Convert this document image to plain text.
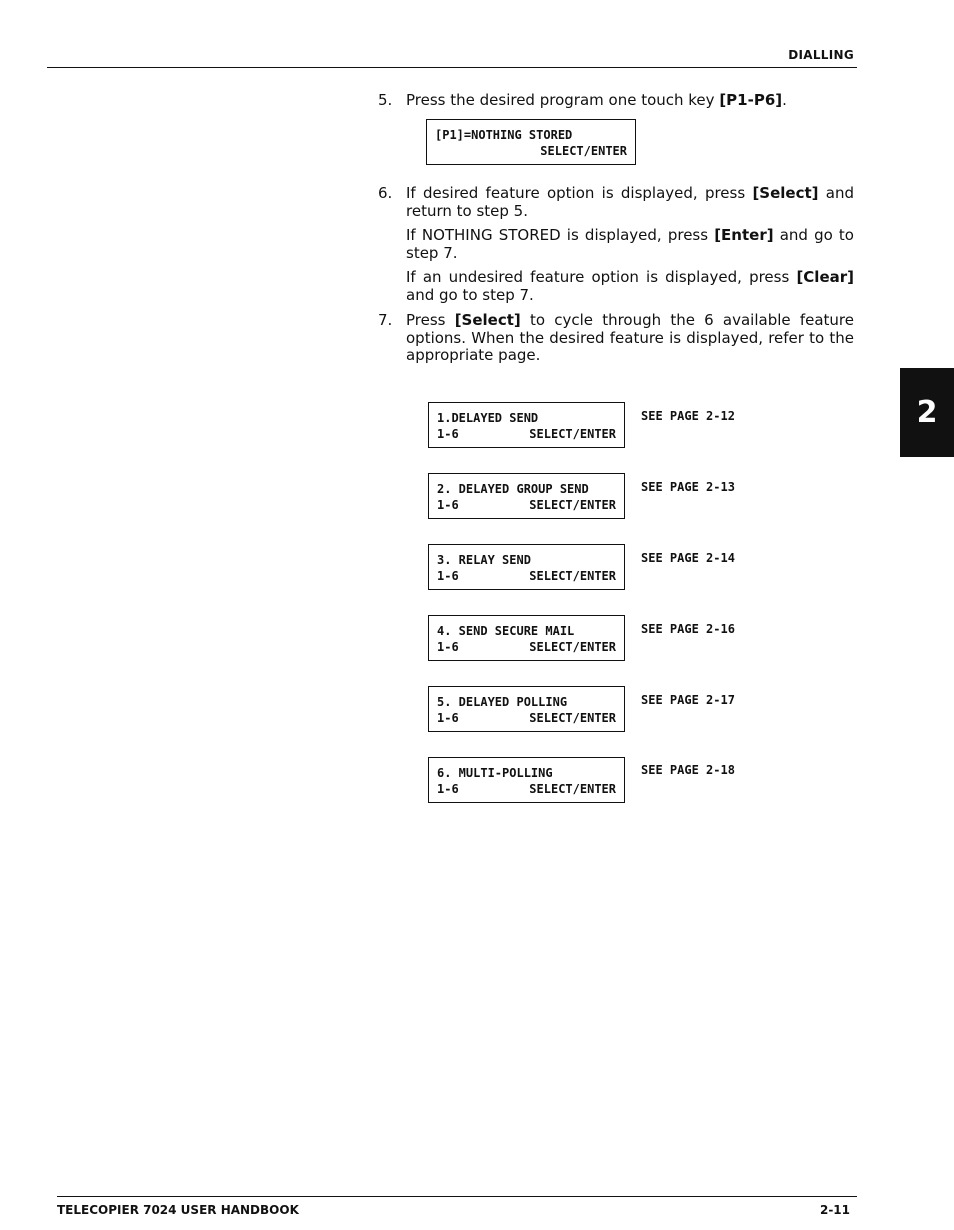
DIALLING
2
5. Press the desired program one touch key [P1-P6].

[P1]=NOTHING STORED
SELECT/ENTER
6. If desired feature option is displayed, press [Select] and return to step 5.

If NOTHING STORED is displayed, press [Enter] and go to step 7.

If an undesired feature option is displayed, press [Clear] and go to step 7.

7. Press [Select] to cycle through the 6 available feature options. When the desired feature is displayed, refer to the appropriate page.

1.DELAYED SEND
1-6	SELECT/ENTER
SEE PAGE 2-12
2. DELAYED GROUP SEND
1-6	SELECT/ENTER
SEE PAGE 2-13
3. RELAY SEND
1-6	SELECT/ENTER
SEE PAGE 2-14
4. SEND SECURE MAIL
1-6	SELECT/ENTER
SEE PAGE 2-16
5. DELAYED POLLING
1-6	SELECT/ENTER
SEE PAGE 2-17
6. MULTI-POLLING
1-6	SELECT/ENTER
SEE PAGE 2-18
TELECOPIER 7024 USER HANDBOOK	2-11
